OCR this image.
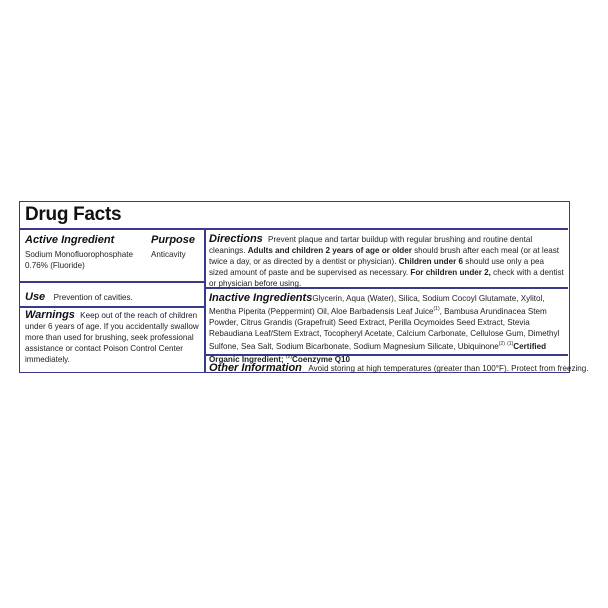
Drug Facts
Active Ingredient	Purpose
Sodium Monofluorophosphate
0.76% (Fluoride)
Anticavity
Use Prevention of cavities.
Warnings Keep out of the reach of children under 6 years of age. If you accidentally swallow more than used for brushing, seek professional assistance or contact Poison Control Center immediately.
Directions Prevent plaque and tartar buildup with regular brushing and routine dental cleanings. Adults and children 2 years of age or older should brush after each meal (or at least twice a day, or as directed by a dentist or physician). Children under 6 should use only a pea sized amount of paste and be supervised as necessary. For children under 2, check with a dentist or physician before using.
Inactive IngredientsGlycerin, Aqua (Water), Silica, Sodium Cocoyl Glutamate, Xylitol, Mentha Piperita (Peppermint) Oil, Aloe Barbadensis Leaf Juice$^{(1)}$, Bambusa Arundinacea Stem Powder, Citrus Grandis (Grapefruit) Seed Extract, Perilla Ocymoides Seed Extract, Stevia Rebaudiana Leaf/Stem Extract, Tocopheryl Acetate, Calcium Carbonate, Cellulose Gum, Dimethyl Sulfone, Sea Salt, Sodium Bicarbonate, Sodium Magnesium Silicate, Ubiquinone$^{(2)}$ $^{(1)}$Certified Organic Ingredient; $^{(2)}$Coenzyme Q10
Other Information Avoid storing at high temperatures (greater than 100°F). Protect from freezing.
